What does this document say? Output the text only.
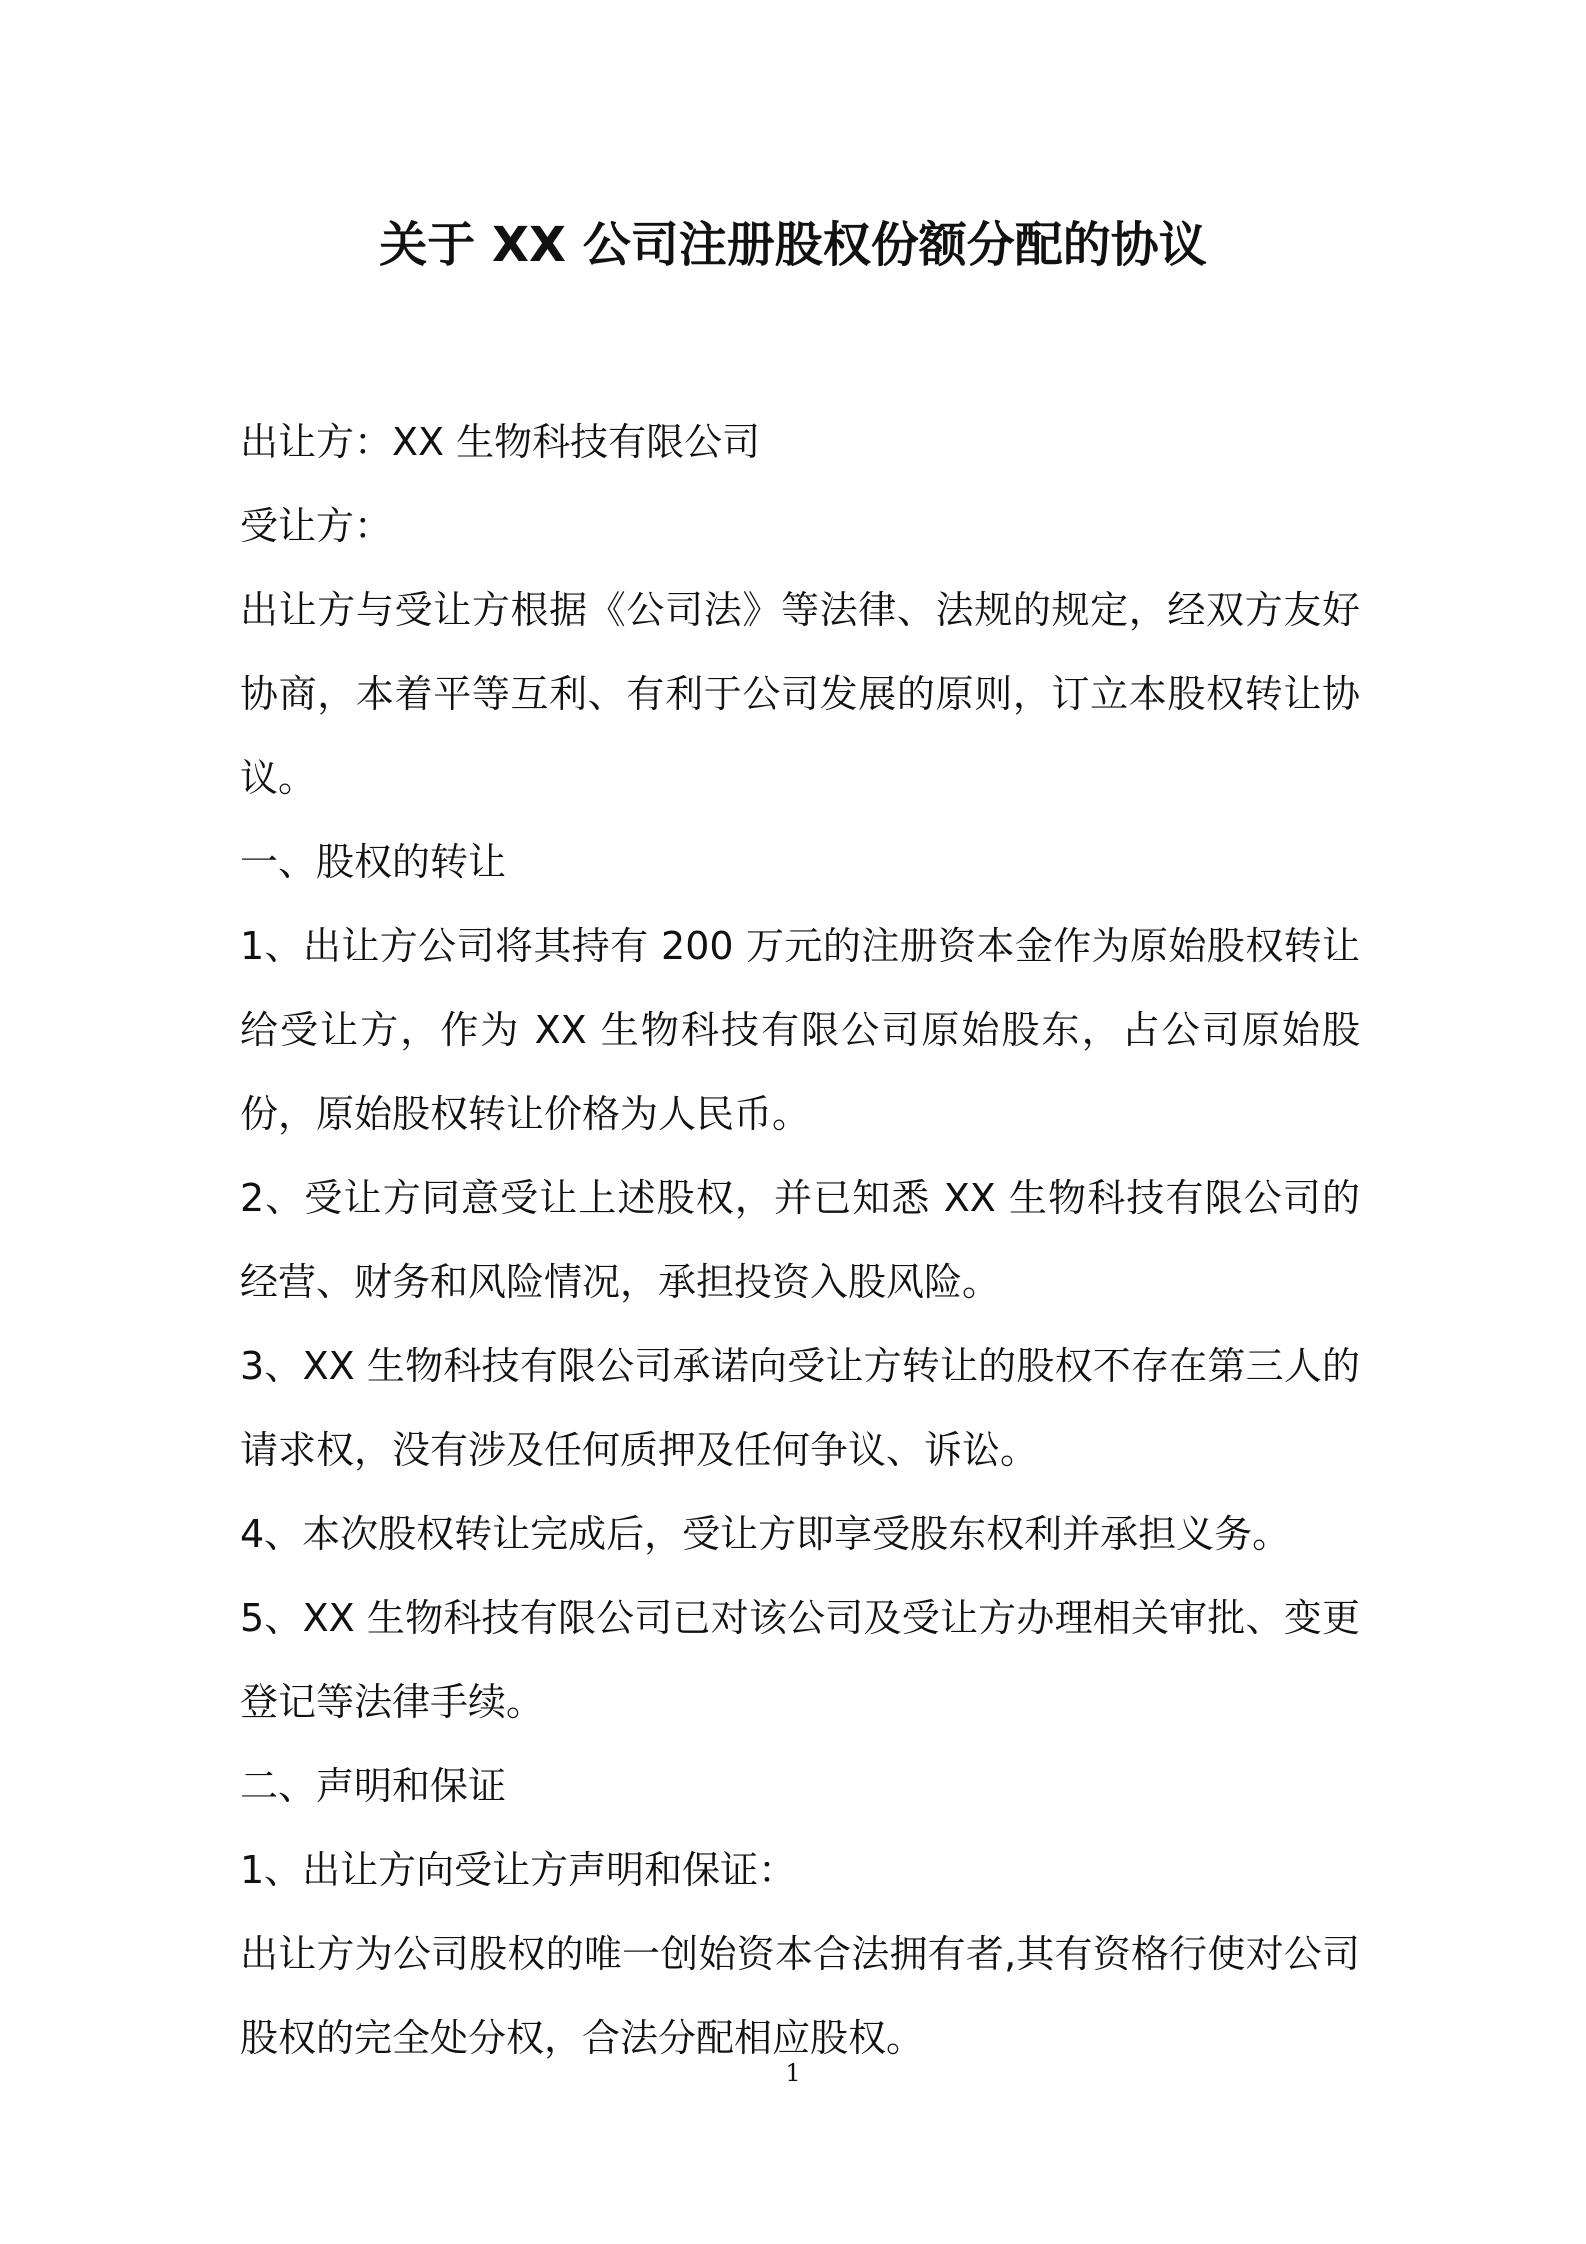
关于 XX 公司注册股权份额分配的协议

出让方：XX 生物科技有限公司

受让方：

出让方与受让方根据《公司法》等法律、法规的规定，经双方友好协商，本着平等互利、有利于公司发展的原则，订立本股权转让协议。

一、股权的转让

1、出让方公司将其持有 200 万元的注册资本金作为原始股权转让给受让方，作为 XX 生物科技有限公司原始股东，占公司原始股份，原始股权转让价格为人民币。

2、受让方同意受让上述股权，并已知悉 XX 生物科技有限公司的经营、财务和风险情况，承担投资入股风险。

3、XX 生物科技有限公司承诺向受让方转让的股权不存在第三人的请求权，没有涉及任何质押及任何争议、诉讼。

4、本次股权转让完成后，受让方即享受股东权利并承担义务。

5、XX 生物科技有限公司已对该公司及受让方办理相关审批、变更登记等法律手续。

二、声明和保证

1、出让方向受让方声明和保证：

出让方为公司股权的唯一创始资本合法拥有者,其有资格行使对公司股权的完全处分权，合法分配相应股权。

1
